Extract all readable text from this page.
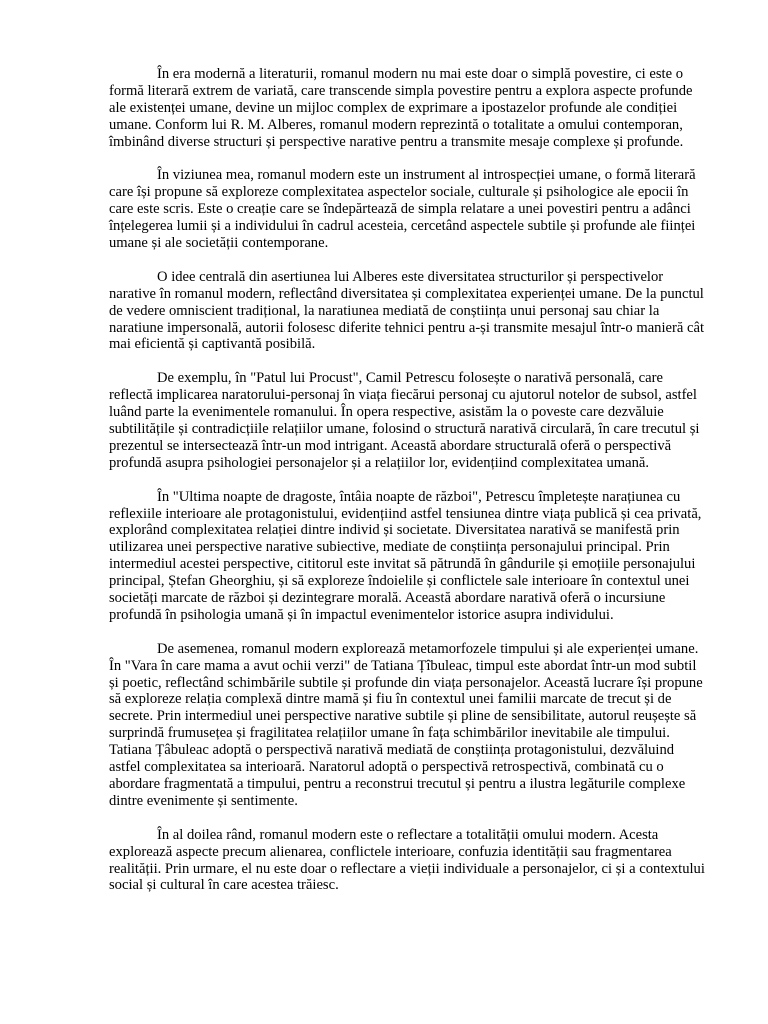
În era modernă a literaturii, romanul modern nu mai este doar o simplă povestire, ci este o formă literară extrem de variată, care transcende simpla povestire pentru a explora aspecte profunde ale existenței umane, devine un mijloc complex de exprimare a ipostazelor profunde ale condiției umane. Conform lui R. M. Alberes, romanul modern reprezintă o totalitate a omului contemporan, îmbinând diverse structuri și perspective narative pentru a transmite mesaje complexe și profunde.

În viziunea mea, romanul modern este un instrument al introspecției umane, o formă literară care își propune să exploreze complexitatea aspectelor sociale, culturale și psihologice ale epocii în care este scris. Este o creație care se îndepărtează de simpla relatare a unei povestiri pentru a adânci înțelegerea lumii și a individului în cadrul acesteia, cercetând aspectele subtile și profunde ale ființei umane și ale societății contemporane.

O idee centrală din asertiunea lui Alberes este diversitatea structurilor și perspectivelor narative în romanul modern, reflectând diversitatea și complexitatea experienței umane. De la punctul de vedere omniscient tradițional, la naratiunea mediată de conștiința unui personaj sau chiar la naratiune impersonală, autorii folosesc diferite tehnici pentru a-și transmite mesajul într-o manieră cât mai eficientă și captivantă posibilă.

De exemplu, în "Patul lui Procust", Camil Petrescu folosește o narativă personală, care reflectă implicarea naratorului-personaj în viața fiecărui personaj cu ajutorul notelor de subsol, astfel luând parte la evenimentele romanului. În opera respective, asistăm la o poveste care dezvăluie subtilitățile și contradicțiile relațiilor umane, folosind o structură narativă circulară, în care trecutul și prezentul se intersectează într-un mod intrigant. Această abordare structurală oferă o perspectivă profundă asupra psihologiei personajelor și a relațiilor lor, evidențiind complexitatea umană.

În "Ultima noapte de dragoste, întâia noapte de război", Petrescu împletește narațiunea cu reflexiile interioare ale protagonistului, evidențiind astfel tensiunea dintre viața publică și cea privată, explorând complexitatea relației dintre individ și societate. Diversitatea narativă se manifestă prin utilizarea unei perspective narative subiective, mediate de conștiința personajului principal. Prin intermediul acestei perspective, cititorul este invitat să pătrundă în gândurile și emoțiile personajului principal, Ștefan Gheorghiu, și să exploreze îndoielile și conflictele sale interioare în contextul unei societăți marcate de război și dezintegrare morală. Această abordare narativă oferă o incursiune profundă în psihologia umană și în impactul evenimentelor istorice asupra individului.

De asemenea, romanul modern explorează metamorfozele timpului și ale experienței umane. În "Vara în care mama a avut ochii verzi" de Tatiana Țîbuleac, timpul este abordat într-un mod subtil și poetic, reflectând schimbările subtile și profunde din viața personajelor. Această lucrare își propune să exploreze relația complexă dintre mamă și fiu în contextul unei familii marcate de trecut și de secrete. Prin intermediul unei perspective narative subtile și pline de sensibilitate, autorul reușește să surprindă frumusețea și fragilitatea relațiilor umane în fața schimbărilor inevitabile ale timpului. Tatiana Țâbuleac adoptă o perspectivă narativă mediată de conștiința protagonistului, dezvăluind astfel complexitatea sa interioară. Naratorul adoptă o perspectivă retrospectivă, combinată cu o abordare fragmentată a timpului, pentru a reconstrui trecutul și pentru a ilustra legăturile complexe dintre evenimente și sentimente.

În al doilea rând, romanul modern este o reflectare a totalității omului modern. Acesta explorează aspecte precum alienarea, conflictele interioare, confuzia identității sau fragmentarea realității. Prin urmare, el nu este doar o reflectare a vieții individuale a personajelor, ci și a contextului social și cultural în care acestea trăiesc.
